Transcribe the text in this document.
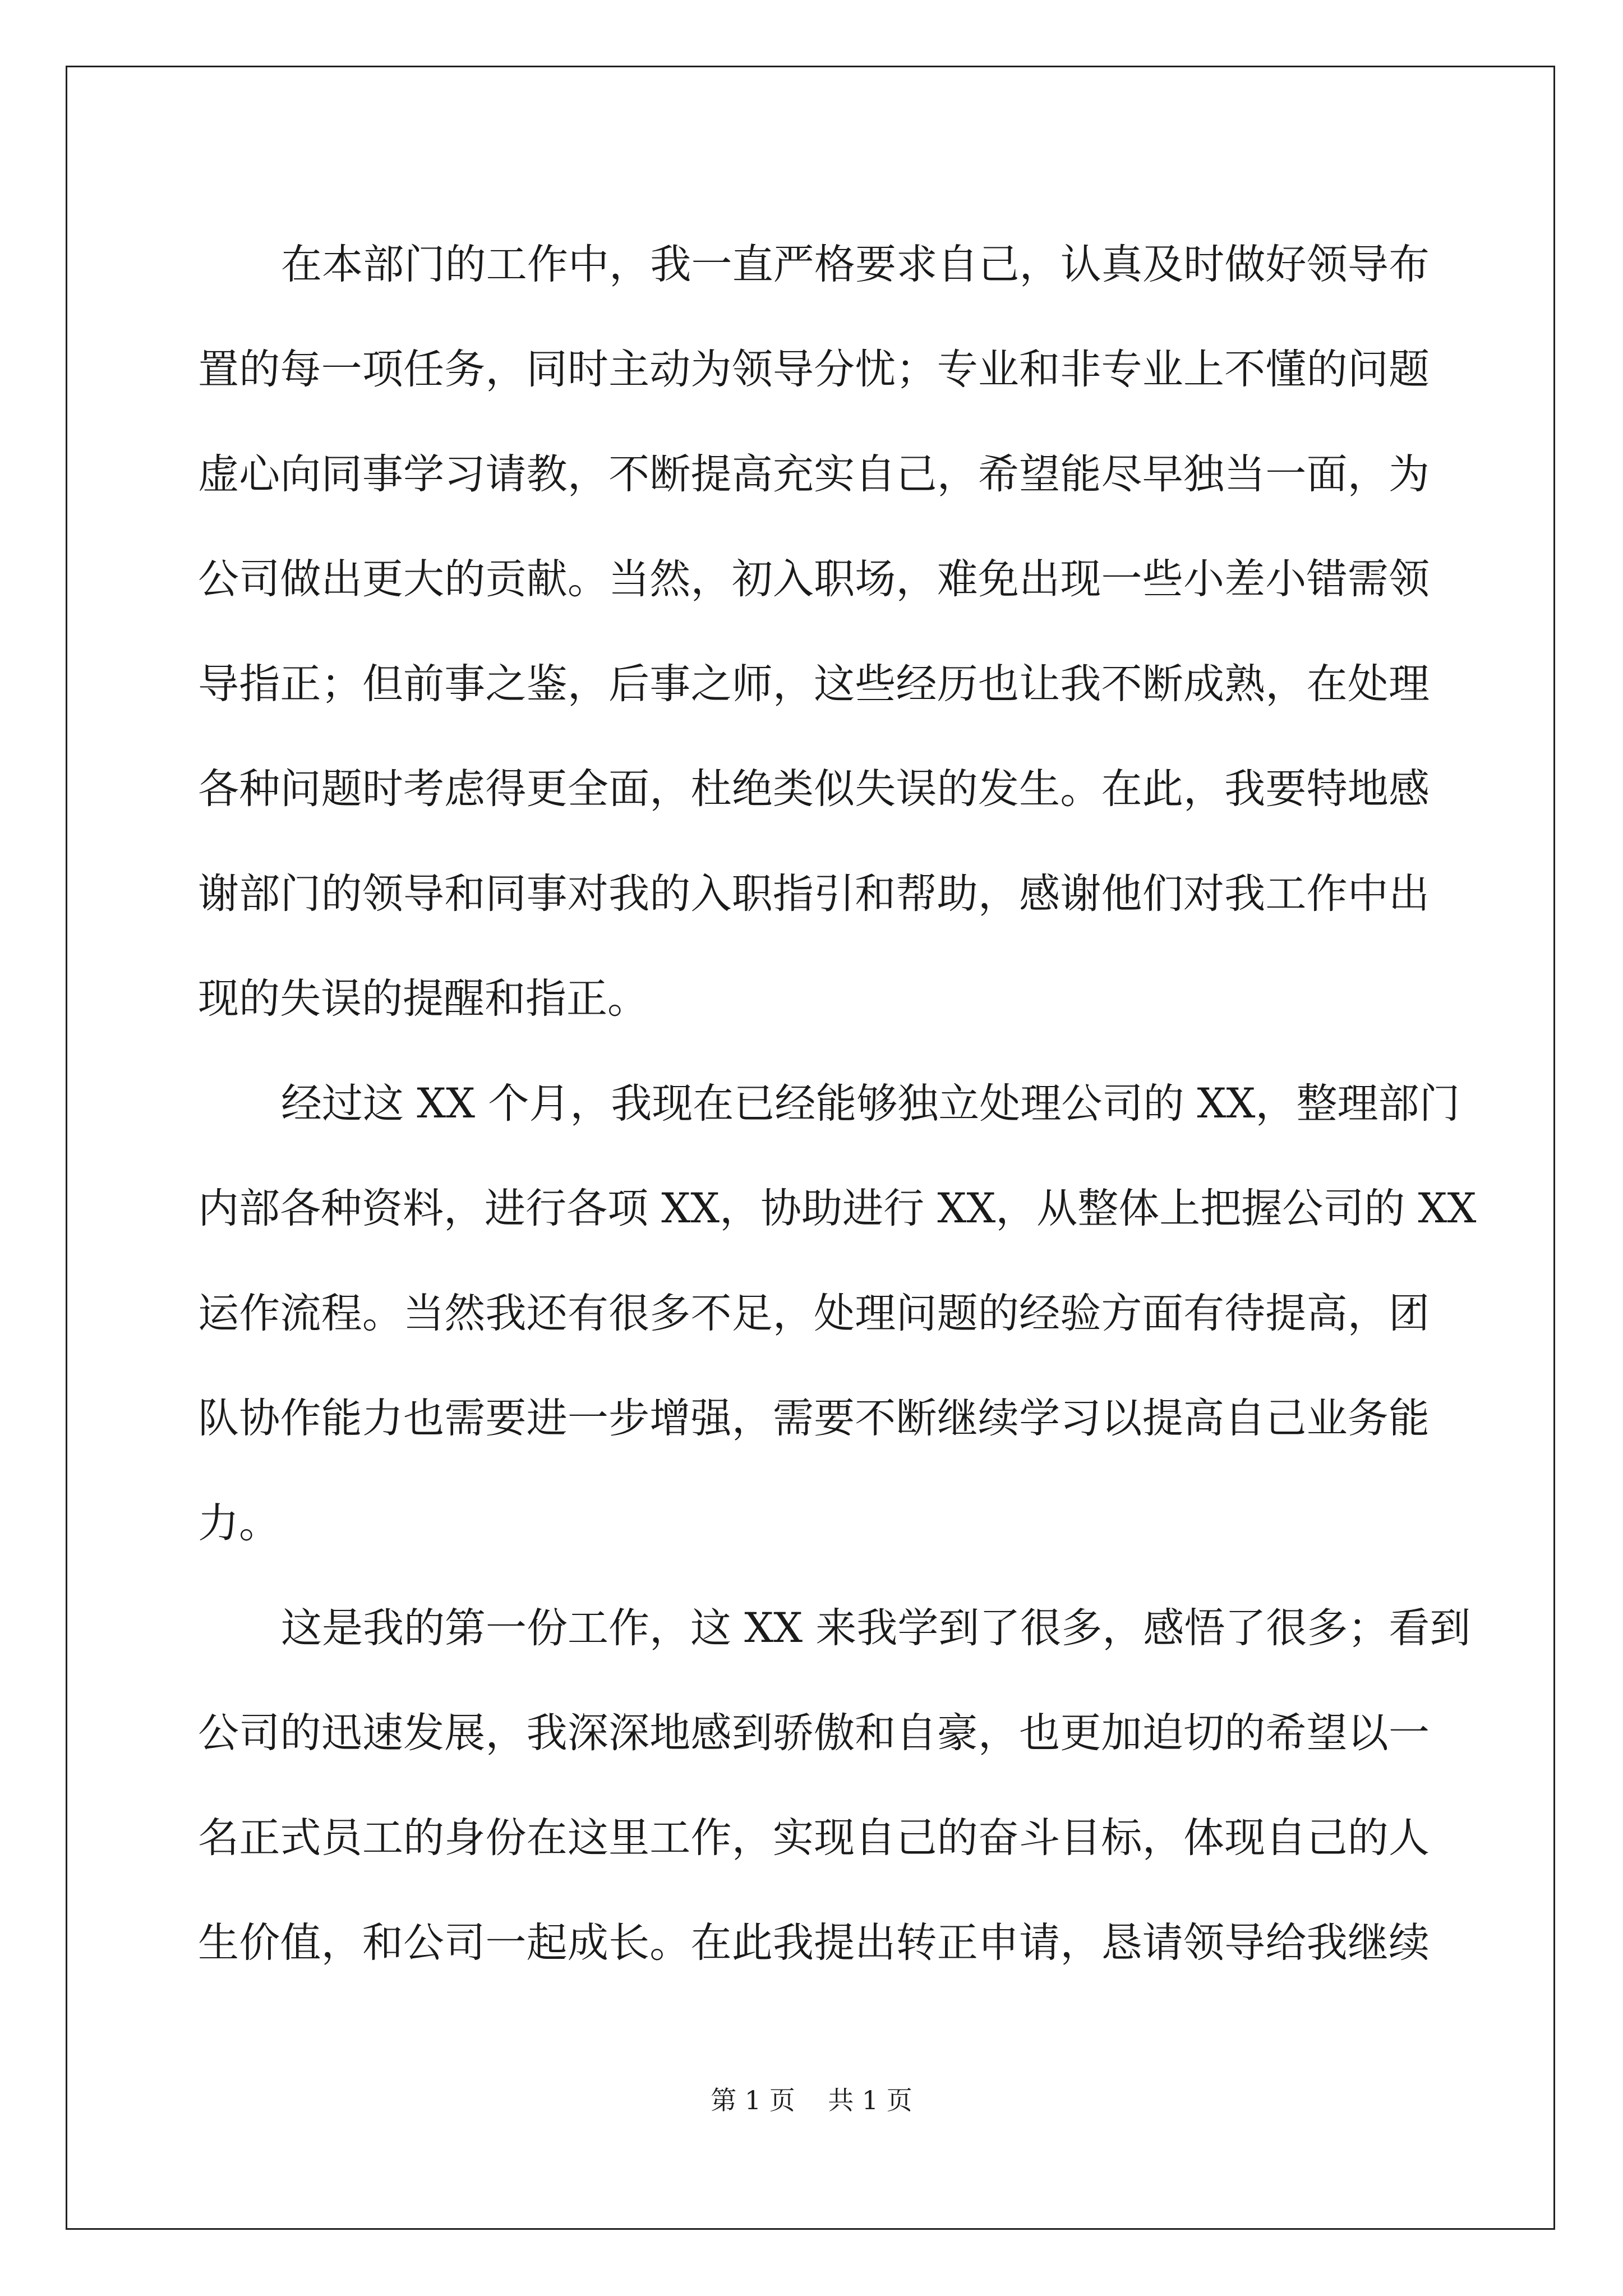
在本部门的工作中，我一直严格要求自己，认真及时做好领导布
置的每一项任务，同时主动为领导分忧；专业和非专业上不懂的问题
虚心向同事学习请教，不断提高充实自己，希望能尽早独当一面，为
公司做出更大的贡献。当然，初入职场，难免出现一些小差小错需领
导指正；但前事之鉴，后事之师，这些经历也让我不断成熟，在处理
各种问题时考虑得更全面，杜绝类似失误的发生。在此，我要特地感
谢部门的领导和同事对我的入职指引和帮助，感谢他们对我工作中出
现的失误的提醒和指正。
经过这 XX 个月，我现在已经能够独立处理公司的 XX，整理部门
内部各种资料，进行各项 XX，协助进行 XX，从整体上把握公司的 XX
运作流程。当然我还有很多不足，处理问题的经验方面有待提高，团
队协作能力也需要进一步增强，需要不断继续学习以提高自己业务能
力。
这是我的第一份工作，这 XX 来我学到了很多，感悟了很多；看到
公司的迅速发展，我深深地感到骄傲和自豪，也更加迫切的希望以一
名正式员工的身份在这里工作，实现自己的奋斗目标，体现自己的人
生价值，和公司一起成长。在此我提出转正申请，恳请领导给我继续
第 1 页    共 1 页
